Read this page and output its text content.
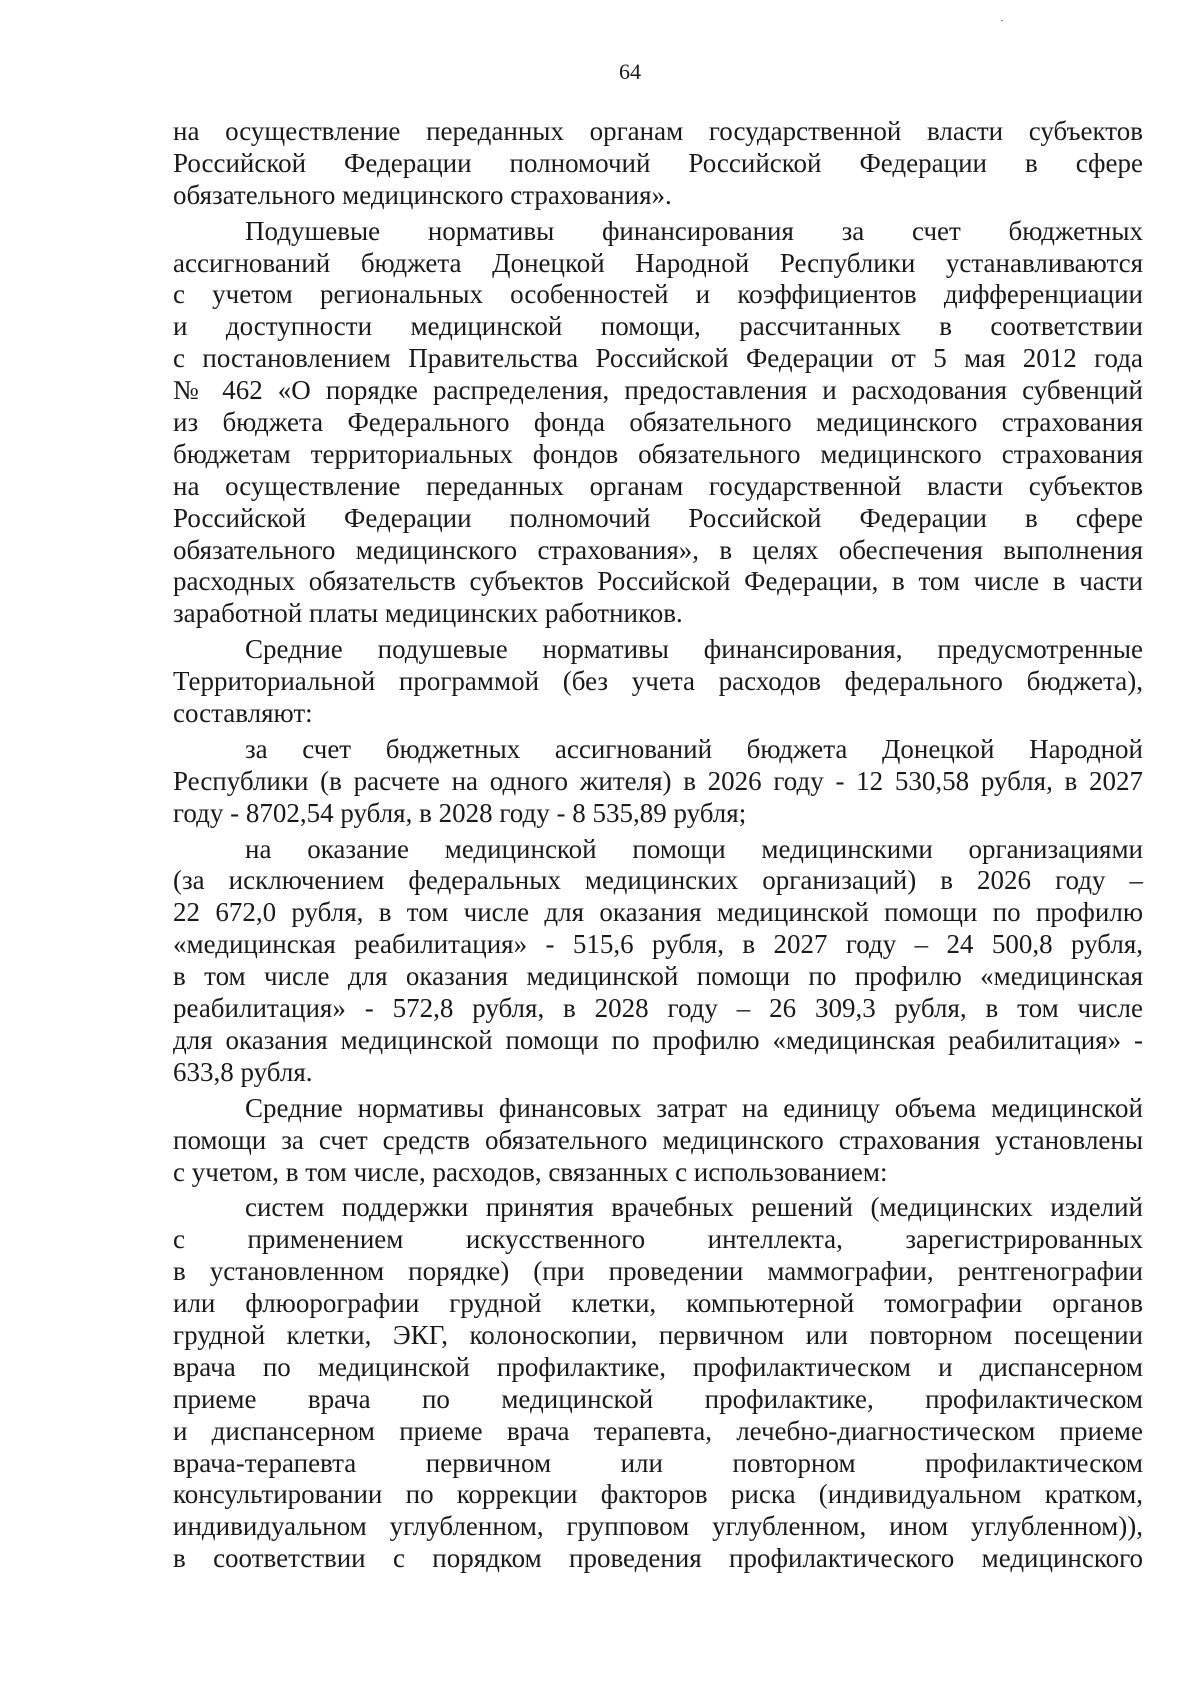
64
на осуществление переданных органам государственной власти субъектов
Российской Федерации полномочий Российской Федерации в сфере
обязательного медицинского страхования».
Подушевые нормативы финансирования за счет бюджетных
ассигнований бюджета Донецкой Народной Республики устанавливаются
с учетом региональных особенностей и коэффициентов дифференциации
и доступности медицинской помощи, рассчитанных в соответствии
с постановлением Правительства Российской Федерации от 5 мая 2012 года
№ 462 «О порядке распределения, предоставления и расходования субвенций
из бюджета Федерального фонда обязательного медицинского страхования
бюджетам территориальных фондов обязательного медицинского страхования
на осуществление переданных органам государственной власти субъектов
Российской Федерации полномочий Российской Федерации в сфере
обязательного медицинского страхования», в целях обеспечения выполнения
расходных обязательств субъектов Российской Федерации, в том числе в части
заработной платы медицинских работников.
Средние подушевые нормативы финансирования, предусмотренные
Территориальной программой (без учета расходов федерального бюджета),
составляют:
за счет бюджетных ассигнований бюджета Донецкой Народной
Республики (в расчете на одного жителя) в 2026 году - 12 530,58 рубля, в 2027
году - 8702,54 рубля, в 2028 году - 8 535,89 рубля;
на оказание медицинской помощи медицинскими организациями
(за исключением федеральных медицинских организаций) в 2026 году –
22 672,0 рубля, в том числе для оказания медицинской помощи по профилю
«медицинская реабилитация» - 515,6 рубля, в 2027 году – 24 500,8 рубля,
в том числе для оказания медицинской помощи по профилю «медицинская
реабилитация» - 572,8 рубля, в 2028 году – 26 309,3 рубля, в том числе
для оказания медицинской помощи по профилю «медицинская реабилитация» -
633,8 рубля.
Средние нормативы финансовых затрат на единицу объема медицинской
помощи за счет средств обязательного медицинского страхования установлены
с учетом, в том числе, расходов, связанных с использованием:
систем поддержки принятия врачебных решений (медицинских изделий
с применением искусственного интеллекта, зарегистрированных
в установленном порядке) (при проведении маммографии, рентгенографии
или флюорографии грудной клетки, компьютерной томографии органов
грудной клетки, ЭКГ, колоноскопии, первичном или повторном посещении
врача по медицинской профилактике, профилактическом и диспансерном
приеме врача по медицинской профилактике, профилактическом
и диспансерном приеме врача терапевта, лечебно-диагностическом приеме
врача-терапевта первичном или повторном профилактическом
консультировании по коррекции факторов риска (индивидуальном кратком,
индивидуальном углубленном, групповом углубленном, ином углубленном)),
в соответствии с порядком проведения профилактического медицинского
